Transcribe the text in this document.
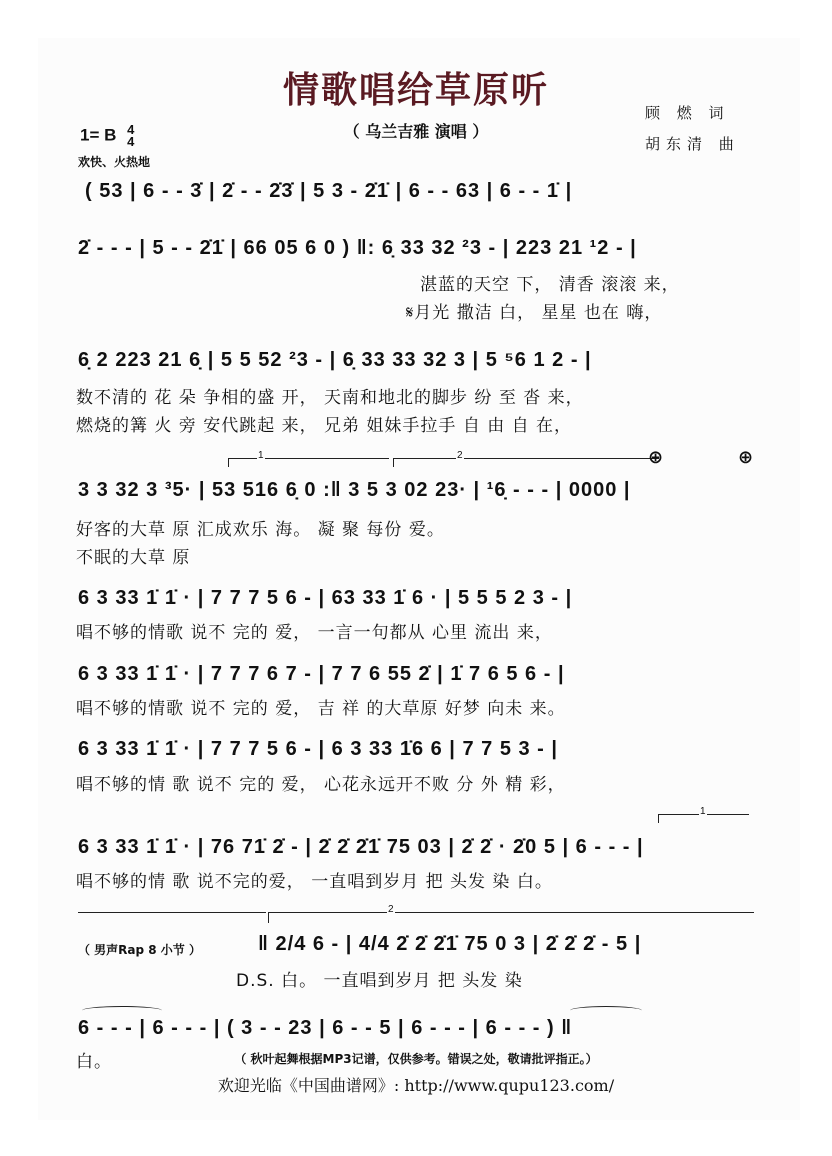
情歌唱给草原听
（ 乌兰吉雅 演唱 ）
顾 燃 词
胡东清 曲
1= B 4
4
欢快、火热地
( 53 | 6 - - 3̇ | 2̇ - - 2̇3̇ | 5 3 - 2̇1̇ | 6 - - 63 | 6 - - 1̇ |
2̇ - - - | 5 - - 2̇1̇ | 66 05 6 0 ) ‖: 6̣ 33 32 ²3 - | 223 21 ¹2 - |
湛蓝的天空 下， 清香 滚滚 来，
𝄋月光 撒洁 白， 星星 也在 嗨，
6̣ 2 223 21 6̣ | 5 5 52 ²3 - | 6̣ 33 33 32 3 | 5 ⁵6 1 2 - |
数不清的 花 朵 争相的盛 开， 天南和地北的脚步 纷 至 沓 来，
燃烧的篝 火 旁 安代跳起 来， 兄弟 姐妹手拉手 自 由 自 在，
1	2	⊕	⊕
3 3 32 3 ³5· | 53 516 6̣ 0 :‖ 3 5 3 02 23· | ¹6̣ - - - | 0000 |
好客的大草 原 汇成欢乐 海。 凝 聚 每份 爱。
不眠的大草 原
6 3 33 1̇ 1̇ · | 7 7 7 5 6 - | 63 33 1̇ 6 · | 5 5 5 2 3 - |
唱不够的情歌 说不 完的 爱， 一言一句都从 心里 流出 来，
6 3 33 1̇ 1̇ · | 7 7 7 6 7 - | 7 7 6 55 2̇ | 1̇ 7 6 5 6 - |
唱不够的情歌 说不 完的 爱， 吉 祥 的大草原 好梦 向未 来。
6 3 33 1̇ 1̇ · | 7 7 7 5 6 - | 6 3 33 1̇6 6 | 7 7 5 3 - |
唱不够的情 歌 说不 完的 爱， 心花永远开不败 分 外 精 彩，
1
6 3 33 1̇ 1̇ · | 76 71̇ 2̇ - | 2̇ 2̇ 2̇1̇ 75 03 | 2̇ 2̇ · 2̇0 5 | 6 - - - |
唱不够的情 歌 说不完的爱， 一直唱到岁月 把 头发 染 白。
2
（ 男声Rap 8 小节 ）	‖ 2/4 6 - | 4/4 2̇ 2̇ 2̇1̇ 75 0 3 | 2̇ 2̇ 2̇ - 5 |
D.S. 白。 一直唱到岁月 把 头发 染
6 - - - | 6 - - - | ( 3 - - 23 | 6 - - 5 | 6 - - - | 6 - - - ) ‖
白。	（ 秋叶起舞根据MP3记谱，仅供参考。错误之处，敬请批评指正。）
欢迎光临《中国曲谱网》: http://www.qupu123.com/
